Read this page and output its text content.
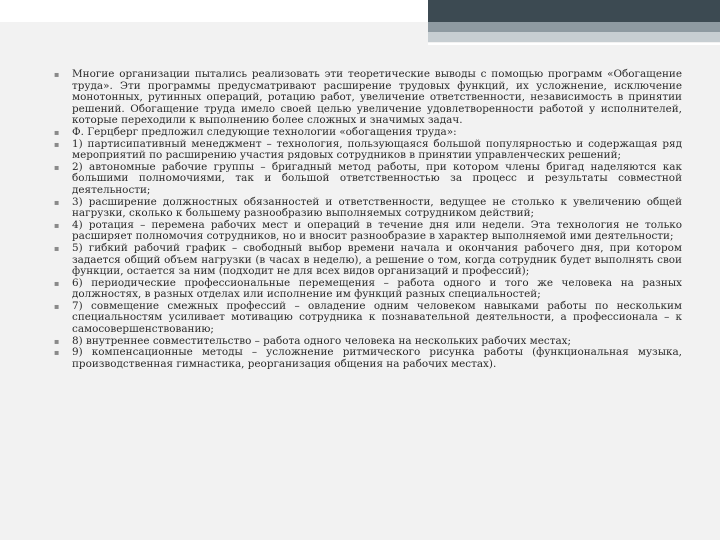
▪ Многие организации пытались реализовать эти теоретические выводы с помощью программ «Обогащение труда». Эти программы предусматривают расширение трудовых функций, их усложнение, исключение монотонных, рутинных операций, ротацию работ, увеличение ответственности, независимость в принятии решений. Обогащение труда имело своей целью увеличение удовлетворенности работой у исполнителей, которые переходили к выполнению более сложных и значимых задач.
▪ Ф. Герцберг предложил следующие технологии «обогащения труда»:
▪ 1) партисипативный менеджмент – технология, пользующаяся большой популярностью и содержащая ряд мероприятий по расширению участия рядовых сотрудников в принятии управленческих решений;
▪ 2) автономные рабочие группы – бригадный метод работы, при котором члены бригад наделяются как большими полномочиями, так и большой ответственностью за процесс и результаты совместной деятельности;
▪ 3) расширение должностных обязанностей и ответственности, ведущее не столько к увеличению общей нагрузки, сколько к большему разнообразию выполняемых сотрудником действий;
▪ 4) ротация – перемена рабочих мест и операций в течение дня или недели. Эта технология не только расширяет полномочия сотрудников, но и вносит разнообразие в характер выполняемой ими деятельности;
▪ 5) гибкий рабочий график – свободный выбор времени начала и окончания рабочего дня, при котором задается общий объем нагрузки (в часах в неделю), а решение о том, когда сотрудник будет выполнять свои функции, остается за ним (подходит не для всех видов организаций и профессий);
▪ 6) периодические профессиональные перемещения – работа одного и того же человека на разных должностях, в разных отделах или исполнение им функций разных специальностей;
▪ 7) совмещение смежных профессий – овладение одним человеком навыками работы по нескольким специальностям усиливает мотивацию сотрудника к познавательной деятельности, а профессионала – к самосовершенствованию;
▪ 8) внутреннее совместительство – работа одного человека на нескольких рабочих местах;
▪ 9) компенсационные методы – усложнение ритмического рисунка работы (функциональная музыка, производственная гимнастика, реорганизация общения на рабочих местах).
